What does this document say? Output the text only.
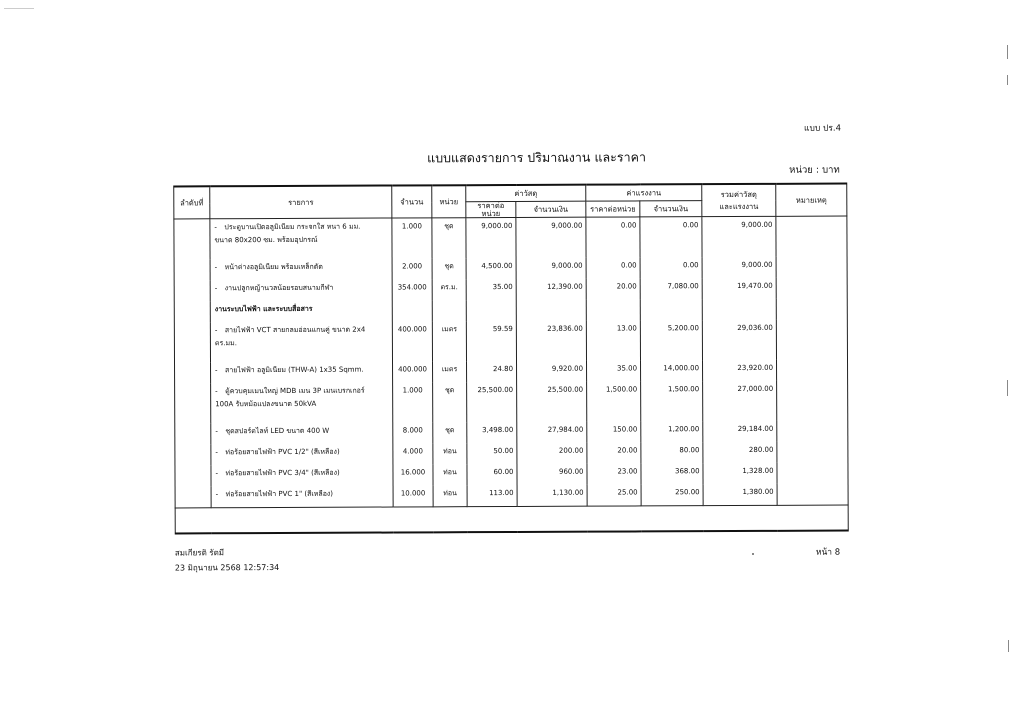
แบบ ปร.4
แบบแสดงรายการ ปริมาณงาน และราคา
หน่วย : บาท
ลำดับที่	รายการ	จำนวน	หน่วย	ค่าวัสดุ		ค่าแรงงาน		รวมค่าวัสดุ
และแรงงาน	หมายเหตุ
				ราคาต่อหน่วย	จำนวนเงิน	ราคาต่อหน่วย	จำนวนเงิน		
	- ประตูบานเปิดอลูมิเนียม กระจกใส หนา 6 มม.
ขนาด 80x200 ซม. พร้อมอุปกรณ์	1.000	ชุด	9,000.00	9,000.00	0.00	0.00	9,000.00	
	- หน้าต่างอลูมิเนียม พร้อมเหล็กดัด	2.000	ชุด	4,500.00	9,000.00	0.00	0.00	9,000.00	
	- งานปลูกหญ้านวลน้อยรอบสนามกีฬา	354.000	ตร.ม.	35.00	12,390.00	20.00	7,080.00	19,470.00	
	งานระบบไฟฟ้า และระบบสื่อสาร								
	- สายไฟฟ้า VCT สายกลมอ่อนแกนคู่ ขนาด 2x4
ตร.มม.	400.000	เมตร	59.59	23,836.00	13.00	5,200.00	29,036.00	
	- สายไฟฟ้า อลูมิเนียม (THW-A) 1x35 Sqmm.	400.000	เมตร	24.80	9,920.00	35.00	14,000.00	23,920.00	
	- ตู้ควบคุมเมนใหญ่ MDB เมน 3P เมนเบรกเกอร์
100A รับหม้อแปลงขนาด 50kVA	1.000	ชุด	25,500.00	25,500.00	1,500.00	1,500.00	27,000.00	
	- ชุดสปอร์ตไลท์ LED ขนาด 400 W	8.000	ชุด	3,498.00	27,984.00	150.00	1,200.00	29,184.00	
	- ท่อร้อยสายไฟฟ้า PVC 1/2" (สีเหลือง)	4.000	ท่อน	50.00	200.00	20.00	80.00	280.00	
	- ท่อร้อยสายไฟฟ้า PVC 3/4" (สีเหลือง)	16.000	ท่อน	60.00	960.00	23.00	368.00	1,328.00	
	- ท่อร้อยสายไฟฟ้า PVC 1" (สีเหลือง)	10.000	ท่อน	113.00	1,130.00	25.00	250.00	1,380.00	

สมเกียรติ รัตมี
23 มิถุนายน 2568 12:57:34
หน้า 8
